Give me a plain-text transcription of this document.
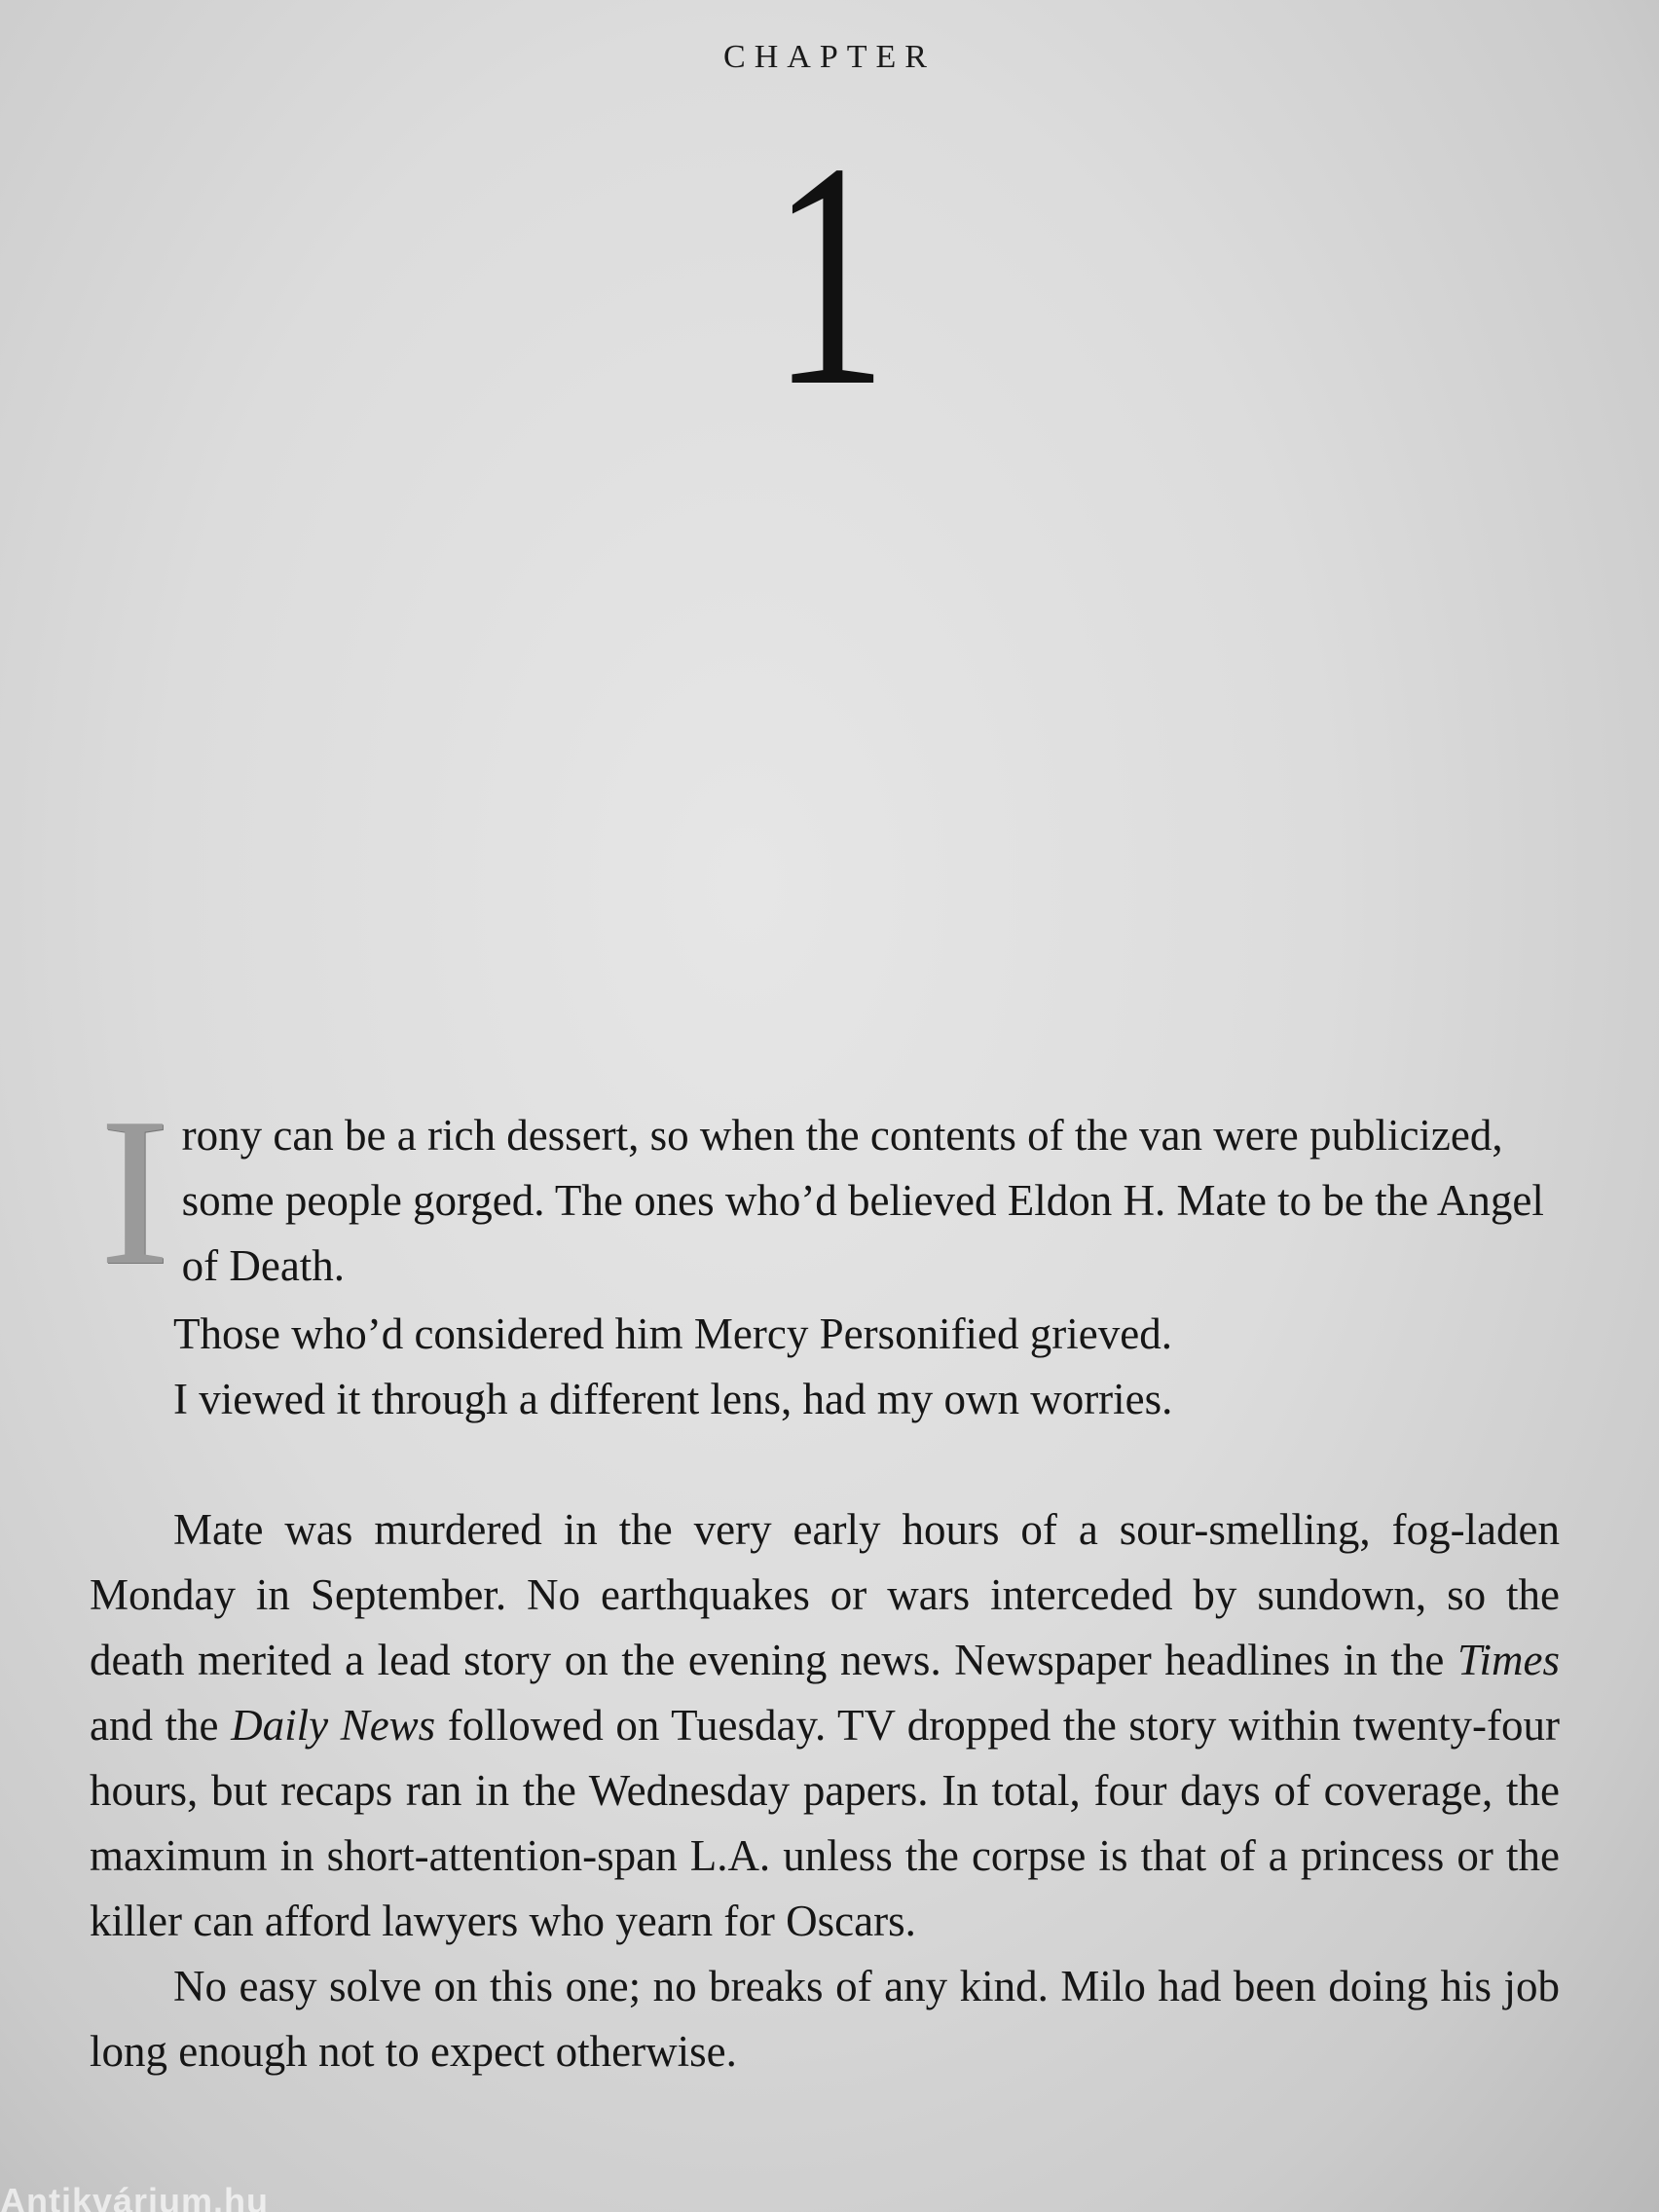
CHAPTER
1

Irony can be a rich dessert, so when the contents of the van were publicized, some people gorged. The ones who’d believed Eldon H. Mate to be the Angel of Death.

Those who’d considered him Mercy Personified grieved.

I viewed it through a different lens, had my own worries.

Mate was murdered in the very early hours of a sour-smelling, fog-laden Monday in September. No earthquakes or wars interceded by sundown, so the death merited a lead story on the evening news. Newspaper headlines in the Times and the Daily News followed on Tuesday. TV dropped the story within twenty-four hours, but recaps ran in the Wednesday papers. In total, four days of coverage, the maximum in short-attention-span L.A. unless the corpse is that of a princess or the killer can afford lawyers who yearn for Oscars.

No easy solve on this one; no breaks of any kind. Milo had been doing his job long enough not to expect otherwise.

Antikvárium.hu
